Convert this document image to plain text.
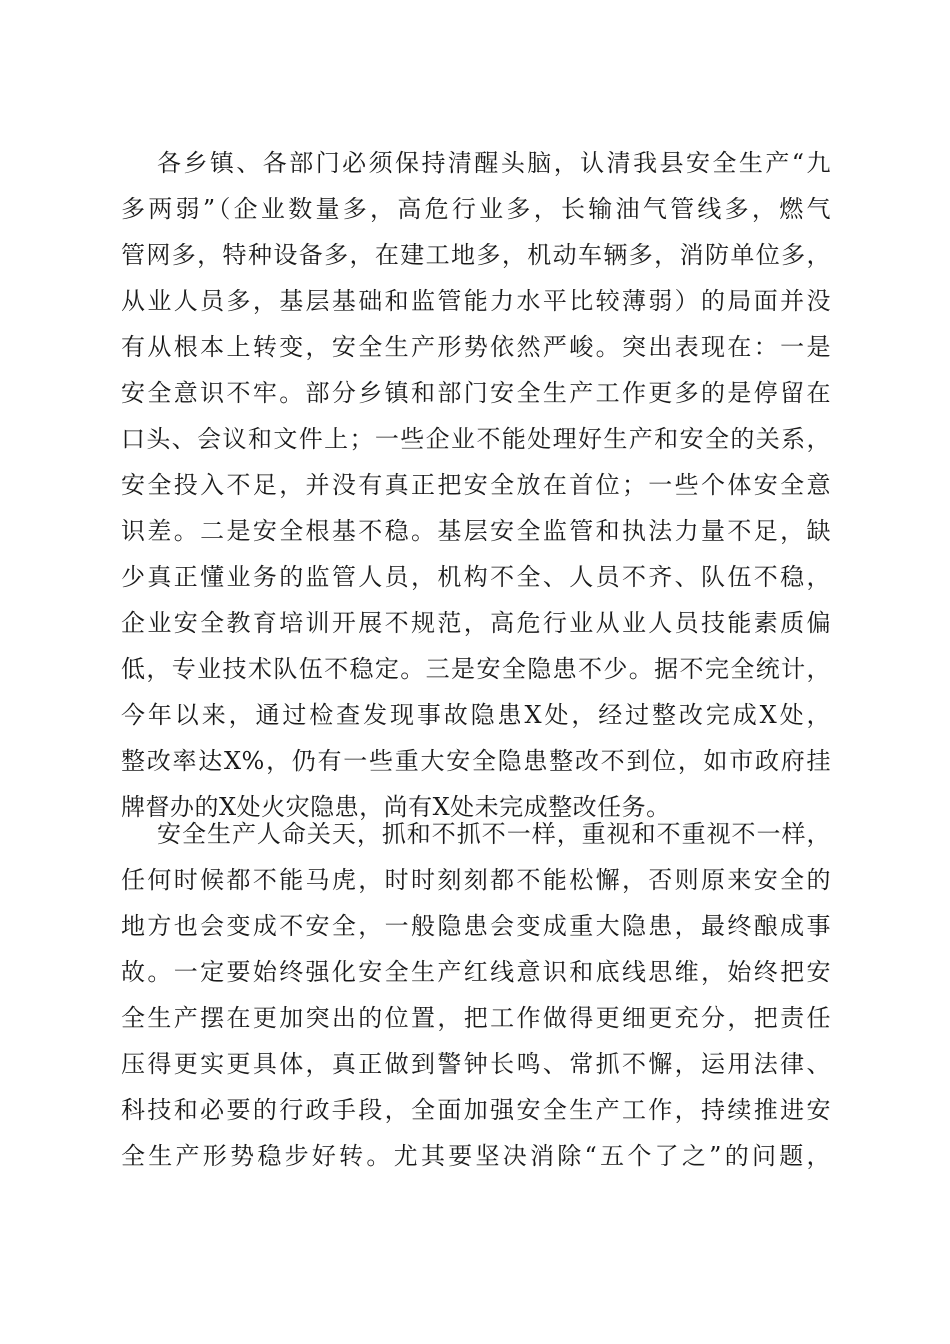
各乡镇、各部门必须保持清醒头脑，认清我县安全生产“九
多两弱”（企业数量多，高危行业多，长输油气管线多，燃气
管网多，特种设备多，在建工地多，机动车辆多，消防单位多，
从业人员多，基层基础和监管能力水平比较薄弱）的局面并没
有从根本上转变，安全生产形势依然严峻。突出表现在：一是
安全意识不牢。部分乡镇和部门安全生产工作更多的是停留在
口头、会议和文件上；一些企业不能处理好生产和安全的关系，
安全投入不足，并没有真正把安全放在首位；一些个体安全意
识差。二是安全根基不稳。基层安全监管和执法力量不足，缺
少真正懂业务的监管人员，机构不全、人员不齐、队伍不稳，
企业安全教育培训开展不规范，高危行业从业人员技能素质偏
低，专业技术队伍不稳定。三是安全隐患不少。据不完全统计，
今年以来，通过检查发现事故隐患X处，经过整改完成X处，
整改率达X%，仍有一些重大安全隐患整改不到位，如市政府挂
牌督办的X处火灾隐患，尚有X处未完成整改任务。
安全生产人命关天，抓和不抓不一样，重视和不重视不一样，
任何时候都不能马虎，时时刻刻都不能松懈，否则原来安全的
地方也会变成不安全，一般隐患会变成重大隐患，最终酿成事
故。一定要始终强化安全生产红线意识和底线思维，始终把安
全生产摆在更加突出的位置，把工作做得更细更充分，把责任
压得更实更具体，真正做到警钟长鸣、常抓不懈，运用法律、
科技和必要的行政手段，全面加强安全生产工作，持续推进安
全生产形势稳步好转。尤其要坚决消除“五个了之”的问题，
